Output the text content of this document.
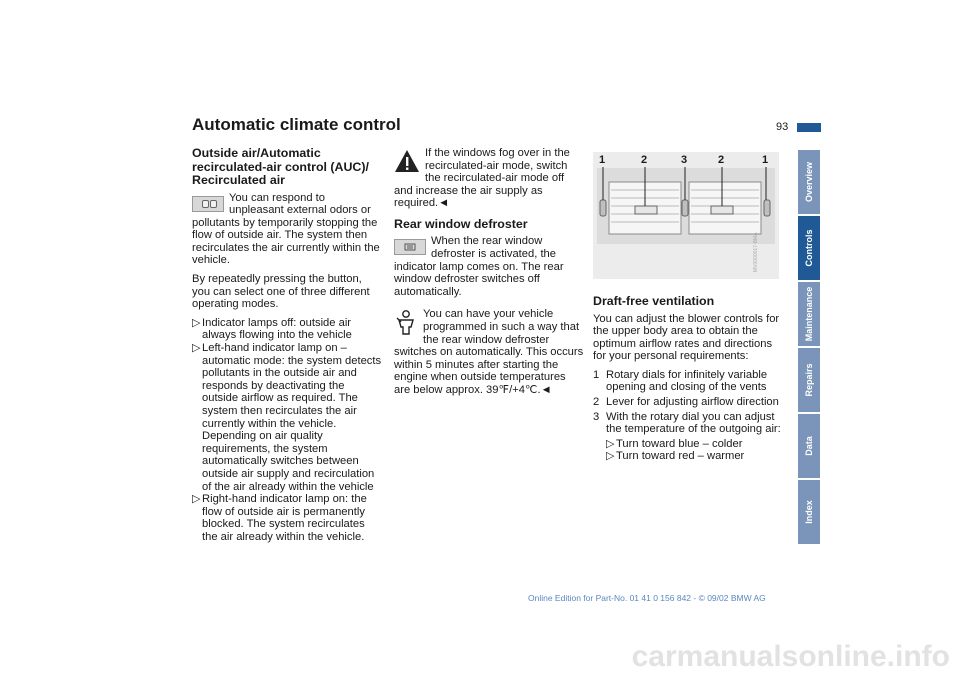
Automatic climate control	93
Outside air/Automatic recirculated-air control (AUC)/ Recirculated air

You can respond to unpleasant external odors or pollutants by temporarily stopping the flow of outside air. The system then recirculates the air currently within the vehicle.

By repeatedly pressing the button, you can select one of three different operating modes.

▷ Indicator lamps off: outside air always flowing into the vehicle
▷ Left-hand indicator lamp on – automatic mode: the system detects pollutants in the outside air and responds by deactivating the outside airflow as required. The system then recirculates the air currently within the vehicle.
Depending on air quality requirements, the system automatically switches between outside air supply and recirculation of the air already within the vehicle
▷ Right-hand indicator lamp on: the flow of outside air is permanently blocked. The system recirculates the air already within the vehicle.

If the windows fog over in the recirculated-air mode, switch the recirculated-air mode off and increase the air supply as required.◄

Rear window defroster

When the rear window defroster is activated, the indicator lamp comes on. The rear window defroster switches off automatically.

You can have your vehicle programmed in such a way that the rear window defroster switches on automatically. This occurs within 5 minutes after starting the engine when outside temperatures are below approx. 39℉/+4℃.◄

1	2	3	2	1
MV0000017-BMA
Draft-free ventilation

You can adjust the blower controls for the upper body area to obtain the optimum airflow rates and directions for your personal requirements:

1 Rotary dials for infinitely variable opening and closing of the vents
2 Lever for adjusting airflow direction
3 With the rotary dial you can adjust the temperature of the outgoing air:
▷ Turn toward blue – colder
▷ Turn toward red – warmer
Overview
Controls
Maintenance
Repairs
Data
Index
Online Edition for Part-No. 01 41 0 156 842 - © 09/02 BMW AG
carmanualsonline.info
